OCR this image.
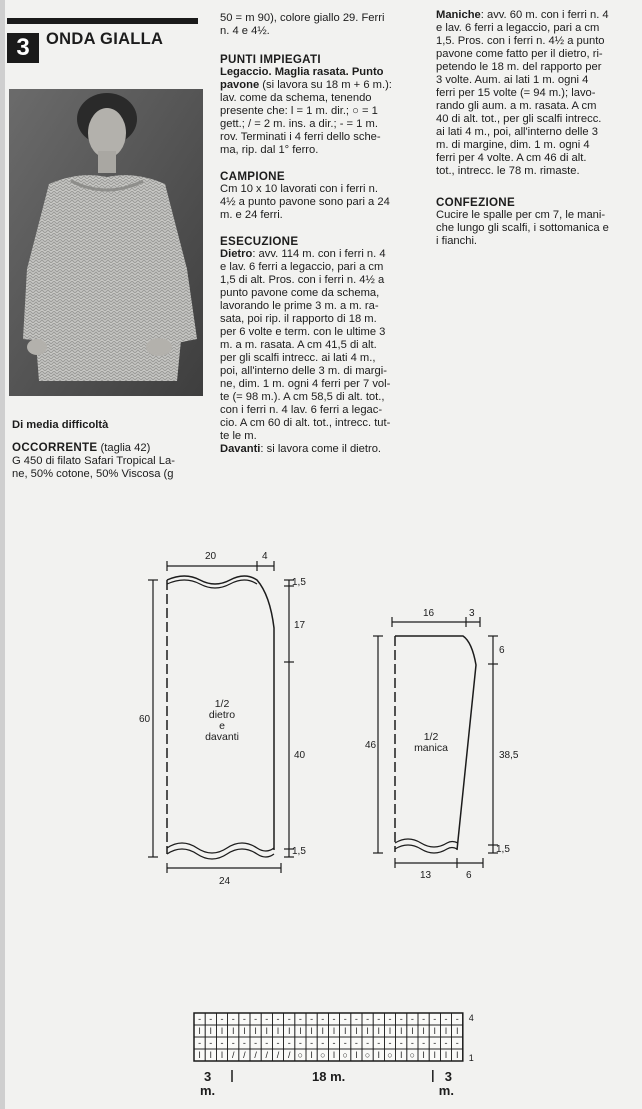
3 ONDA GIALLA

Di media difficoltà

OCCORRENTE (taglia 42)

G 450 di filato Safari Tropical La-

ne, 50% cotone, 50% Viscosa (g

50 = m 90), colore giallo 29. Ferri

n. 4 e 4½.

PUNTI IMPIEGATI

Legaccio. Maglia rasata. Punto

pavone (si lavora su 18 m + 6 m.):

lav. come da schema, tenendo

presente che: l = 1 m. dir.; ○ = 1

gett.; / = 2 m. ins. a dir.; - = 1 m.

rov. Terminati i 4 ferri dello sche-

ma, rip. dal 1° ferro.

CAMPIONE

Cm 10 x 10 lavorati con i ferri n.

4½ a punto pavone sono pari a 24

m. e 24 ferri.

ESECUZIONE

Dietro: avv. 114 m. con i ferri n. 4

e lav. 6 ferri a legaccio, pari a cm

1,5 di alt. Pros. con i ferri n. 4½ a

punto pavone come da schema,

lavorando le prime 3 m. a m. ra-

sata, poi rip. il rapporto di 18 m.

per 6 volte e term. con le ultime 3

m. a m. rasata. A cm 41,5 di alt.

per gli scalfi intrecc. ai lati 4 m.,

poi, all'interno delle 3 m. di margi-

ne, dim. 1 m. ogni 4 ferri per 7 vol-

te (= 98 m.). A cm 58,5 di alt. tot.,

con i ferri n. 4 lav. 6 ferri a legac-

cio. A cm 60 di alt. tot., intrecc. tut-

te le m.

Davanti: si lavora come il dietro.

Maniche: avv. 60 m. con i ferri n. 4

e lav. 6 ferri a legaccio, pari a cm

1,5. Pros. con i ferri n. 4½ a punto

pavone come fatto per il dietro, ri-

petendo le 18 m. del rapporto per

3 volte. Aum. ai lati 1 m. ogni 4

ferri per 15 volte (= 94 m.); lavo-

rando gli aum. a m. rasata. A cm

40 di alt. tot., per gli scalfi intrecc.

ai lati 4 m., poi, all'interno delle 3

m. di margine, dim. 1 m. ogni 4

ferri per 4 volte. A cm 46 di alt.

tot., intrecc. le 78 m. rimaste.

CONFEZIONE

Cucire le spalle per cm 7, le mani-

che lungo gli scalfi, i sottomanica e

i fianchi.

20	4
60
1,5
17
40
1,5
24
1/2
dietro
e
davanti
16	3
46
6
38,5
1,5
13	6
1/2
manica
- - - - - - - - - - - - - - - - - - - - - - - -
l l l l l l l l l l l l l l l l l l l l l l l l
- - - - - - - - - - - - - - - - - - - - - - - -
l l l / / / / / / ○ l ○ l ○ l ○ l ○ l ○ l l l l
4
1
3	18 m.	3
m.	m.
